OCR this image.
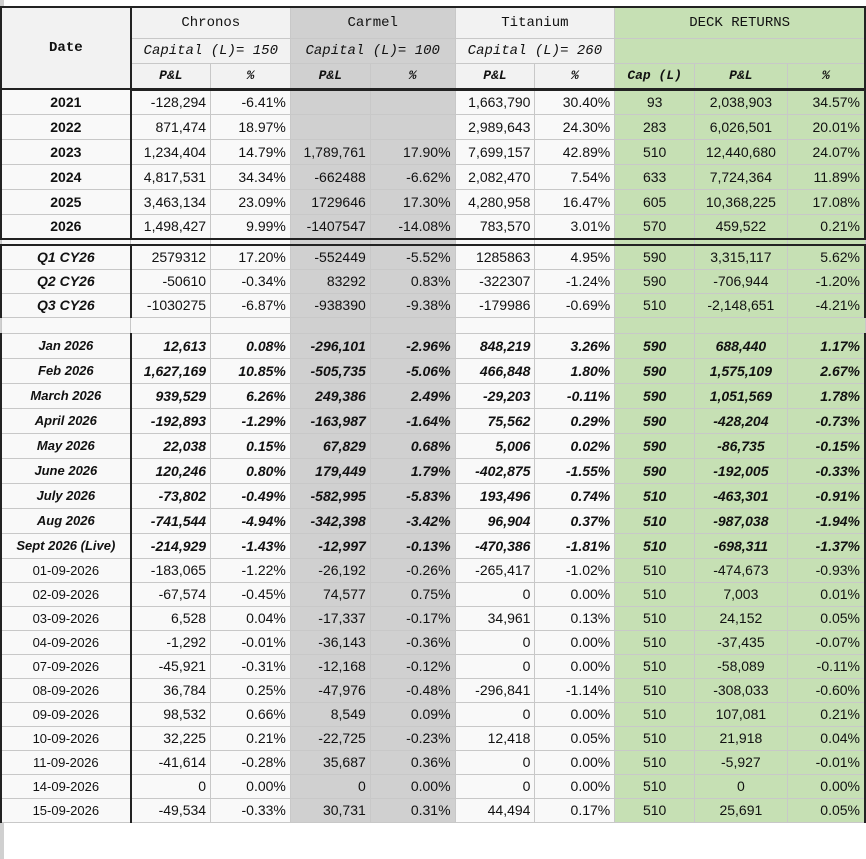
Date	Chronos		Carmel		Titanium		DECK RETURNS		
	Capital (L)= 150		Capital (L)= 100		Capital (L)= 260				
	P&L	%	P&L	%	P&L	%	Cap (L)	P&L	%
2021	-128,294	-6.41%			1,663,790	30.40%	93	2,038,903	34.57%
2022	871,474	18.97%			2,989,643	24.30%	283	6,026,501	20.01%
2023	1,234,404	14.79%	1,789,761	17.90%	7,699,157	42.89%	510	12,440,680	24.07%
2024	4,817,531	34.34%	-662488	-6.62%	2,082,470	7.54%	633	7,724,364	11.89%
2025	3,463,134	23.09%	1729646	17.30%	4,280,958	16.47%	605	10,368,225	17.08%
2026	1,498,427	9.99%	-1407547	-14.08%	783,570	3.01%	570	459,522	0.21%

Q1 CY26	2579312	17.20%	-552449	-5.52%	1285863	4.95%	590	3,315,117	5.62%
Q2 CY26	-50610	-0.34%	83292	0.83%	-322307	-1.24%	590	-706,944	-1.20%
Q3 CY26	-1030275	-6.87%	-938390	-9.38%	-179986	-0.69%	510	-2,148,651	-4.21%

Jan 2026	12,613	0.08%	-296,101	-2.96%	848,219	3.26%	590	688,440	1.17%
Feb 2026	1,627,169	10.85%	-505,735	-5.06%	466,848	1.80%	590	1,575,109	2.67%
March 2026	939,529	6.26%	249,386	2.49%	-29,203	-0.11%	590	1,051,569	1.78%
April 2026	-192,893	-1.29%	-163,987	-1.64%	75,562	0.29%	590	-428,204	-0.73%
May 2026	22,038	0.15%	67,829	0.68%	5,006	0.02%	590	-86,735	-0.15%
June 2026	120,246	0.80%	179,449	1.79%	-402,875	-1.55%	590	-192,005	-0.33%
July 2026	-73,802	-0.49%	-582,995	-5.83%	193,496	0.74%	510	-463,301	-0.91%
Aug 2026	-741,544	-4.94%	-342,398	-3.42%	96,904	0.37%	510	-987,038	-1.94%
Sept 2026 (Live)	-214,929	-1.43%	-12,997	-0.13%	-470,386	-1.81%	510	-698,311	-1.37%
01-09-2026	-183,065	-1.22%	-26,192	-0.26%	-265,417	-1.02%	510	-474,673	-0.93%
02-09-2026	-67,574	-0.45%	74,577	0.75%	0	0.00%	510	7,003	0.01%
03-09-2026	6,528	0.04%	-17,337	-0.17%	34,961	0.13%	510	24,152	0.05%
04-09-2026	-1,292	-0.01%	-36,143	-0.36%	0	0.00%	510	-37,435	-0.07%
07-09-2026	-45,921	-0.31%	-12,168	-0.12%	0	0.00%	510	-58,089	-0.11%
08-09-2026	36,784	0.25%	-47,976	-0.48%	-296,841	-1.14%	510	-308,033	-0.60%
09-09-2026	98,532	0.66%	8,549	0.09%	0	0.00%	510	107,081	0.21%
10-09-2026	32,225	0.21%	-22,725	-0.23%	12,418	0.05%	510	21,918	0.04%
11-09-2026	-41,614	-0.28%	35,687	0.36%	0	0.00%	510	-5,927	-0.01%
14-09-2026	0	0.00%	0	0.00%	0	0.00%	510	0	0.00%
15-09-2026	-49,534	-0.33%	30,731	0.31%	44,494	0.17%	510	25,691	0.05%
